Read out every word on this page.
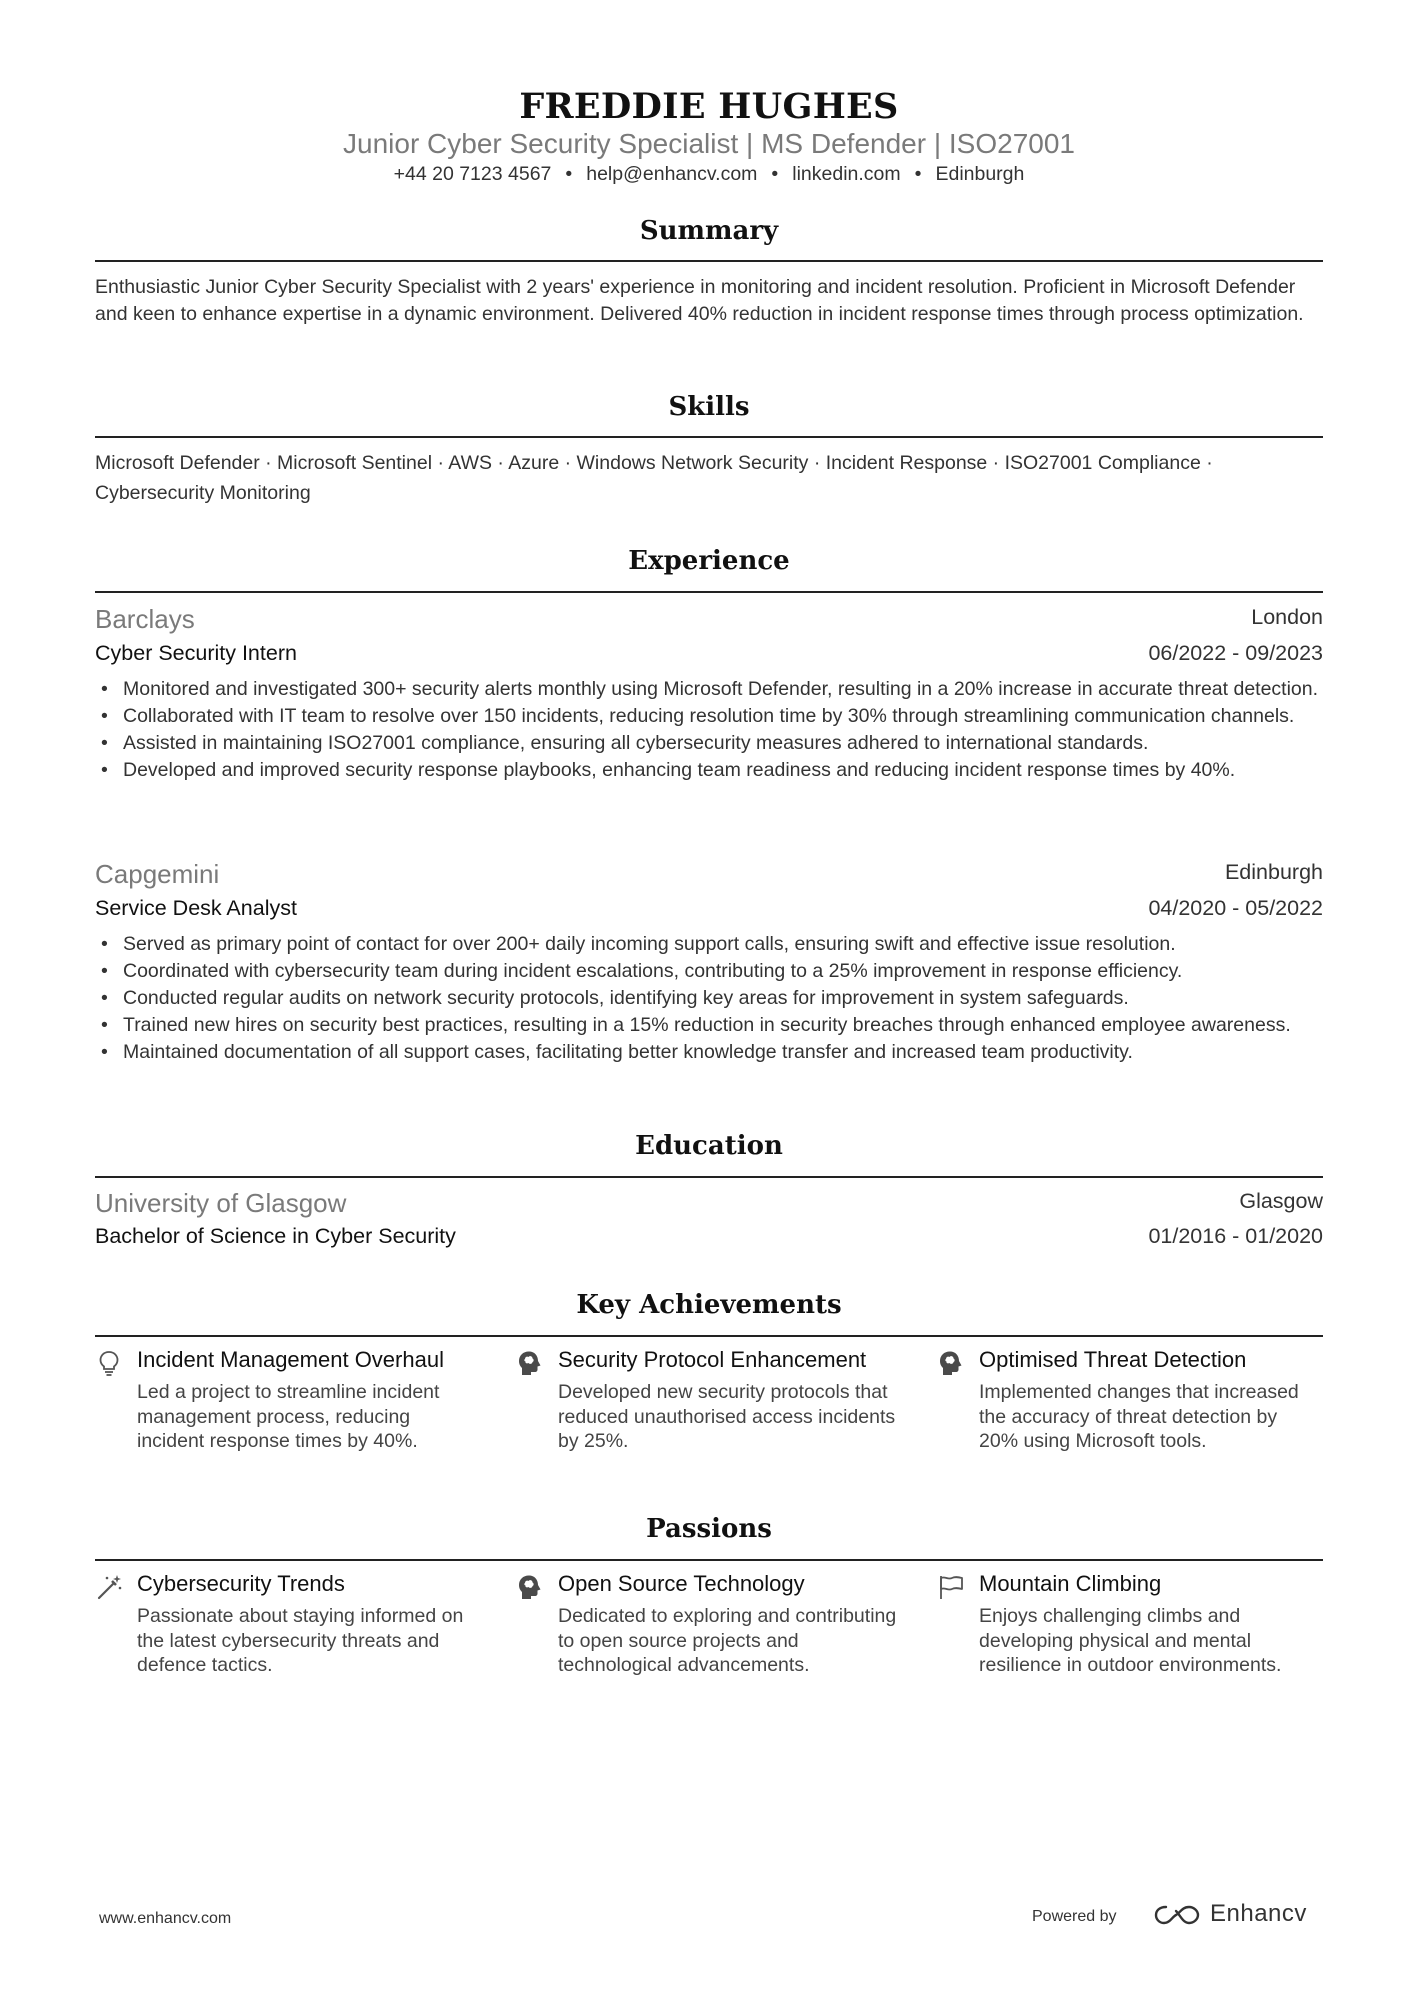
FREDDIE HUGHES
Junior Cyber Security Specialist | MS Defender | ISO27001
+44 20 7123 4567 • help@enhancv.com • linkedin.com • Edinburgh
Summary
Enthusiastic Junior Cyber Security Specialist with 2 years' experience in monitoring and incident resolution. Proficient in Microsoft Defender and keen to enhance expertise in a dynamic environment. Delivered 40% reduction in incident response times through process optimization.
Skills
Microsoft Defender · Microsoft Sentinel · AWS · Azure · Windows Network Security · Incident Response · ISO27001 Compliance · Cybersecurity Monitoring
Experience
Barclays	London
Cyber Security Intern	06/2022 - 09/2023
• Monitored and investigated 300+ security alerts monthly using Microsoft Defender, resulting in a 20% increase in accurate threat detection.
• Collaborated with IT team to resolve over 150 incidents, reducing resolution time by 30% through streamlining communication channels.
• Assisted in maintaining ISO27001 compliance, ensuring all cybersecurity measures adhered to international standards.
• Developed and improved security response playbooks, enhancing team readiness and reducing incident response times by 40%.
Capgemini	Edinburgh
Service Desk Analyst	04/2020 - 05/2022
• Served as primary point of contact for over 200+ daily incoming support calls, ensuring swift and effective issue resolution.
• Coordinated with cybersecurity team during incident escalations, contributing to a 25% improvement in response efficiency.
• Conducted regular audits on network security protocols, identifying key areas for improvement in system safeguards.
• Trained new hires on security best practices, resulting in a 15% reduction in security breaches through enhanced employee awareness.
• Maintained documentation of all support cases, facilitating better knowledge transfer and increased team productivity.
Education
University of Glasgow	Glasgow
Bachelor of Science in Cyber Security	01/2016 - 01/2020
Key Achievements
Incident Management Overhaul
Led a project to streamline incident management process, reducing incident response times by 40%.
Security Protocol Enhancement
Developed new security protocols that reduced unauthorised access incidents by 25%.
Optimised Threat Detection
Implemented changes that increased the accuracy of threat detection by 20% using Microsoft tools.
Passions
Cybersecurity Trends
Passionate about staying informed on the latest cybersecurity threats and defence tactics.
Open Source Technology
Dedicated to exploring and contributing to open source projects and technological advancements.
Mountain Climbing
Enjoys challenging climbs and developing physical and mental resilience in outdoor environments.
www.enhancv.com	Powered by	Enhancv
